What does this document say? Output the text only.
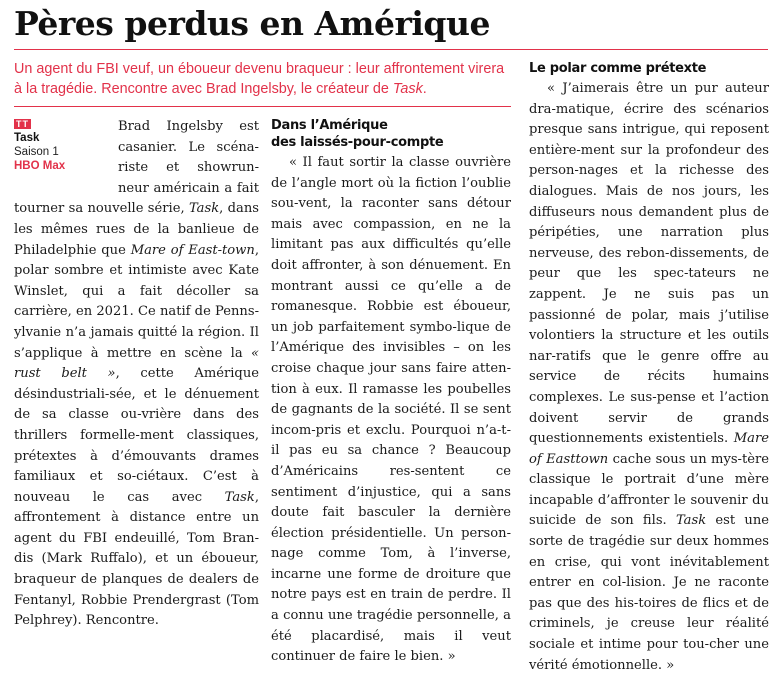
Pères perdus en Amérique

Un agent du FBI veuf, un éboueur devenu braqueur : leur affrontement virera à la tragédie. Rencontre avec Brad Ingelsby, le créateur de Task.

TT
Task
Saison 1
HBO Max

Brad Ingelsby est casanier. Le scéna-riste et showrun-neur américain a fait tourner sa nouvelle série, Task, dans les mêmes rues de la banlieue de Philadelphie que Mare of East-town, polar sombre et intimiste avec Kate Winslet, qui a fait décoller sa carrière, en 2021. Ce natif de Penns-ylvanie n’a jamais quitté la région. Il s’applique à mettre en scène la « rust belt », cette Amérique désindustriali-sée, et le dénuement de sa classe ou-vrière dans des thrillers formelle-ment classiques, prétextes à d’émouvants drames familiaux et so-ciétaux. C’est à nouveau le cas avec Task, affrontement à distance entre un agent du FBI endeuillé, Tom Bran-dis (Mark Ruffalo), et un éboueur, braqueur de planques de dealers de Fentanyl, Robbie Prendergrast (Tom Pelphrey). Rencontre.

Dans l’Amérique
des laissés-pour-compte

« Il faut sortir la classe ouvrière de l’angle mort où la fiction l’oublie sou-vent, la raconter sans détour mais avec compassion, en ne la limitant pas aux difficultés qu’elle doit affronter, à son dénuement. En montrant aussi ce qu’elle a de romanesque. Robbie est éboueur, un job parfaitement symbo-lique de l’Amérique des invisibles – on les croise chaque jour sans faire atten-tion à eux. Il ramasse les poubelles de gagnants de la société. Il se sent incom-pris et exclu. Pourquoi n’a-t-il pas eu sa chance ? Beaucoup d’Américains res-sentent ce sentiment d’injustice, qui a sans doute fait basculer la dernière élection présidentielle. Un person-nage comme Tom, à l’inverse, incarne une forme de droiture que notre pays est en train de perdre. Il a connu une tragédie personnelle, a été placardisé, mais il veut continuer de faire le bien. »

Le polar comme prétexte

« J’aimerais être un pur auteur dra-matique, écrire des scénarios presque sans intrigue, qui reposent entière-ment sur la profondeur des person-nages et la richesse des dialogues. Mais de nos jours, les diffuseurs nous demandent plus de péripéties, une narration plus nerveuse, des rebon-dissements, de peur que les spec-tateurs ne zappent. Je ne suis pas un passionné de polar, mais j’utilise volontiers la structure et les outils nar-ratifs que le genre offre au service de récits humains complexes. Le sus-pense et l’action doivent servir de grands questionnements existentiels. Mare of Easttown cache sous un mys-tère classique le portrait d’une mère incapable d’affronter le souvenir du suicide de son fils. Task est une sorte de tragédie sur deux hommes en crise, qui vont inévitablement entrer en col-lision. Je ne raconte pas que des his-toires de flics et de criminels, je creuse leur réalité sociale et intime pour tou-cher une vérité émotionnelle. »
